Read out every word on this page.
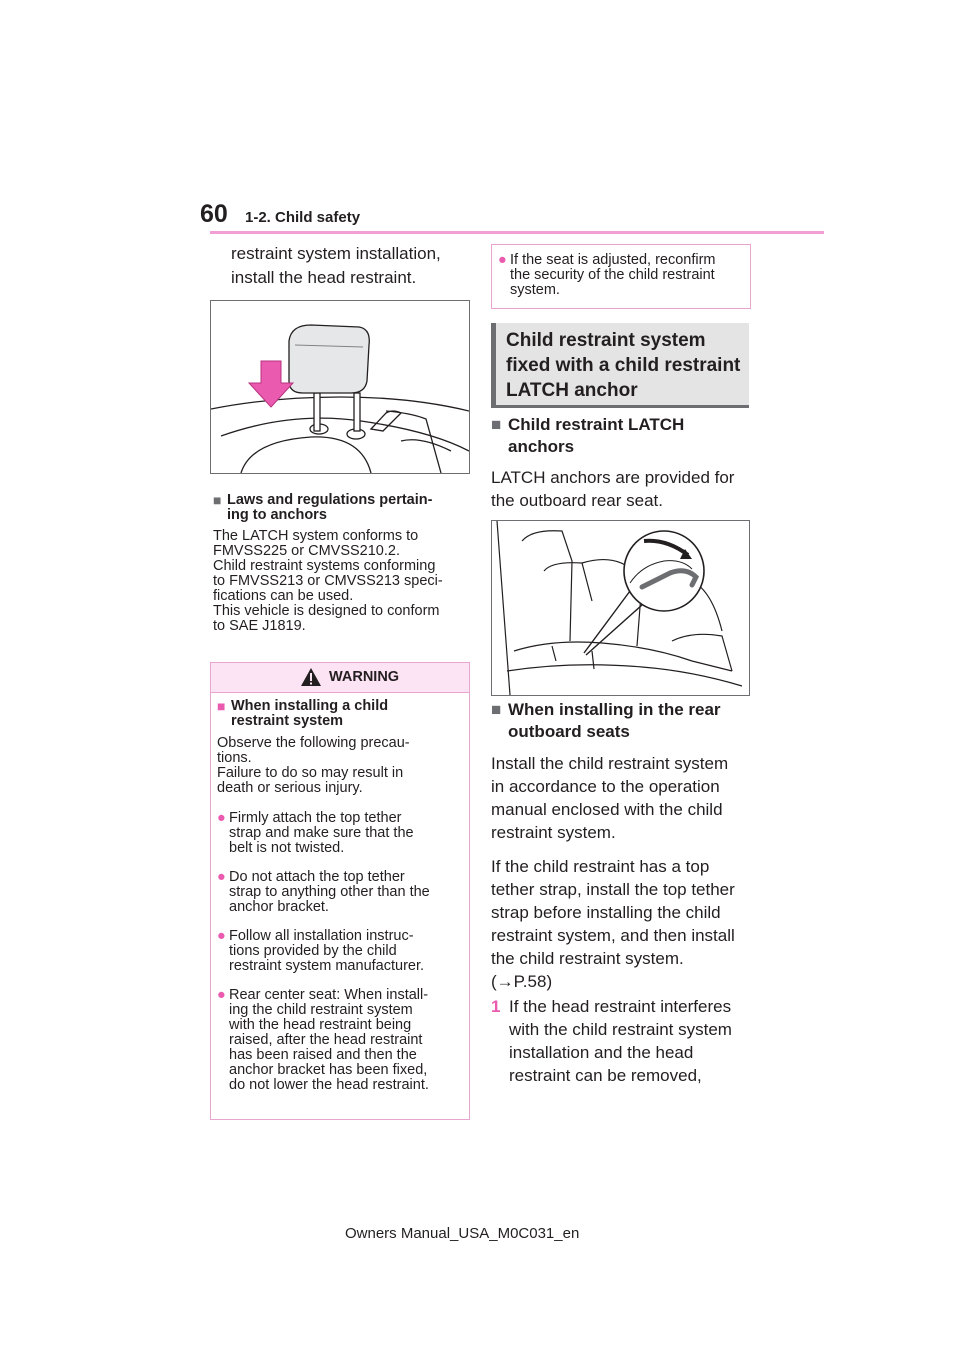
60 1-2. Child safety
restraint system installation,
install the head restraint.
■ Laws and regulations pertain-
ing to anchors
The LATCH system conforms to
FMVSS225 or CMVSS210.2.
Child restraint systems conforming
to FMVSS213 or CMVSS213 speci-
fications can be used.
This vehicle is designed to conform
to SAE J1819.
WARNING
■ When installing a child
restraint system
Observe the following precau-
tions.
Failure to do so may result in
death or serious injury.
● Firmly attach the top tether
strap and make sure that the
belt is not twisted.
● Do not attach the top tether
strap to anything other than the
anchor bracket.
● Follow all installation instruc-
tions provided by the child
restraint system manufacturer.
● Rear center seat: When install-
ing the child restraint system
with the head restraint being
raised, after the head restraint
has been raised and then the
anchor bracket has been fixed,
do not lower the head restraint.
● If the seat is adjusted, reconfirm
the security of the child restraint
system.
Child restraint system
fixed with a child restraint
LATCH anchor
■ Child restraint LATCH
anchors
LATCH anchors are provided for
the outboard rear seat.
■ When installing in the rear
outboard seats
Install the child restraint system
in accordance to the operation
manual enclosed with the child
restraint system.
If the child restraint has a top
tether strap, install the top tether
strap before installing the child
restraint system, and then install
the child restraint system.
(→P.58)
1 If the head restraint interferes
with the child restraint system
installation and the head
restraint can be removed,
Owners Manual_USA_M0C031_en
